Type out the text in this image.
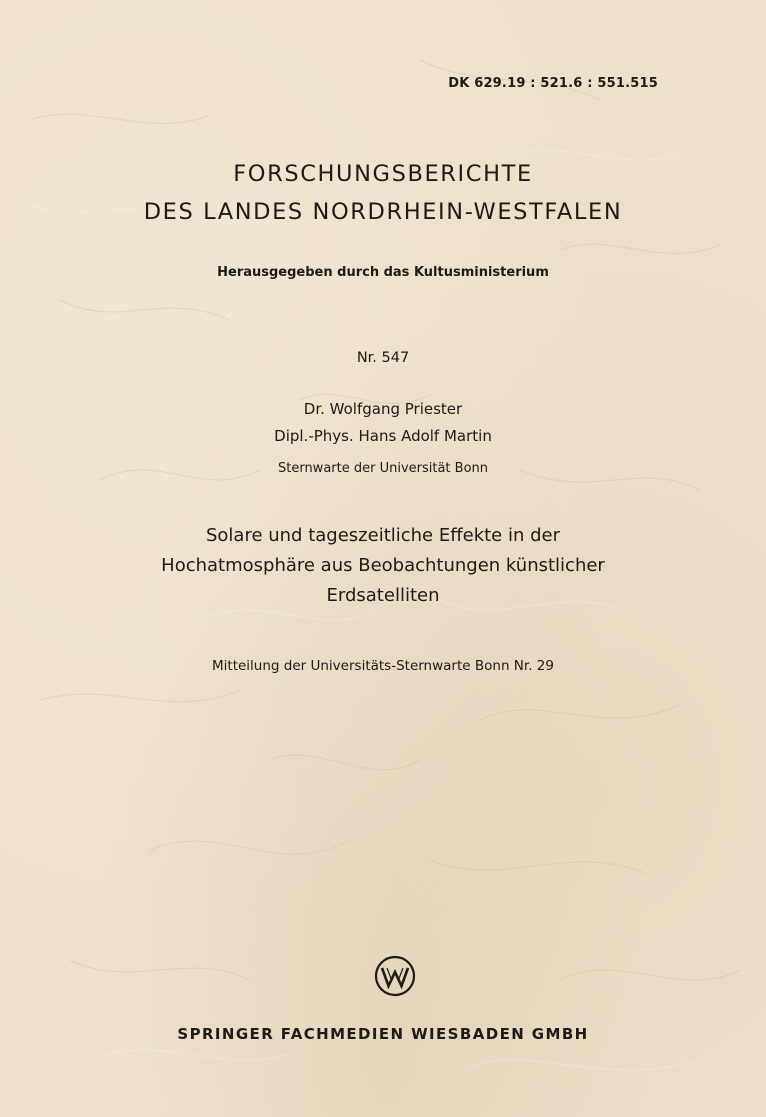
DK 629.19 : 521.6 : 551.515
FORSCHUNGSBERICHTE
DES LANDES NORDRHEIN-WESTFALEN
Herausgegeben durch das Kultusministerium
Nr. 547
Dr. Wolfgang Priester
Dipl.-Phys. Hans Adolf Martin
Sternwarte der Universität Bonn
Solare und tageszeitliche Effekte in der
Hochatmosphäre aus Beobachtungen künstlicher
Erdsatelliten
Mitteilung der Universitäts-Sternwarte Bonn Nr. 29
SPRINGER FACHMEDIEN WIESBADEN GMBH
